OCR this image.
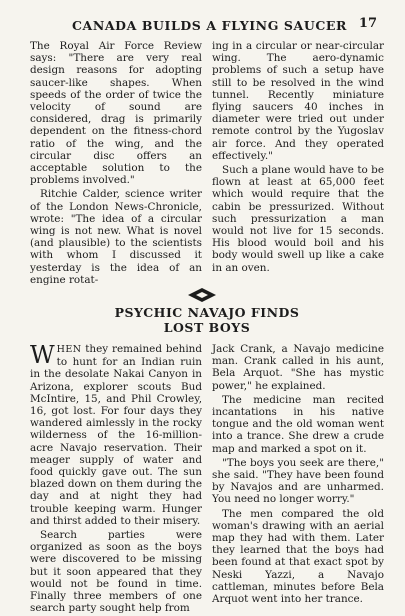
CANADA BUILDS A FLYING SAUCER 17

The Royal Air Force Review says: "There are very real design reasons for adopting saucer-like shapes. When speeds of the order of twice the velocity of sound are considered, drag is primarily dependent on the fitness-chord ratio of the wing, and the circular disc offers an acceptable solution to the problems involved."

Ritchie Calder, science writer of the London News-Chronicle, wrote: "The idea of a circular wing is not new. What is novel (and plausible) to the scientists with whom I discussed it yesterday is the idea of an engine rotat-

ing in a circular or near-circular wing. The aero-dynamic problems of such a setup have still to be resolved in the wind tunnel. Recently miniature flying saucers 40 inches in diameter were tried out under remote control by the Yugoslav air force. And they operated effectively."

Such a plane would have to be flown at least at 65,000 feet which would require that the cabin be pressurized. Without such pressurization a man would not live for 15 seconds. His blood would boil and his body would swell up like a cake in an oven.

PSYCHIC NAVAJO FINDS
LOST BOYS

WHEN they remained behind to hunt for an Indian ruin in the desolate Nakai Canyon in Arizona, explorer scouts Bud McIntire, 15, and Phil Crowley, 16, got lost. For four days they wandered aimlessly in the rocky wilderness of the 16-million-acre Navajo reservation. Their meager supply of water and food quickly gave out. The sun blazed down on them during the day and at night they had trouble keeping warm. Hunger and thirst added to their misery.

Search parties were organized as soon as the boys were discovered to be missing but it soon appeared that they would not be found in time. Finally three members of one search party sought help from

Jack Crank, a Navajo medicine man. Crank called in his aunt, Bela Arquot. "She has mystic power," he explained.

The medicine man recited incantations in his native tongue and the old woman went into a trance. She drew a crude map and marked a spot on it.

"The boys you seek are there," she said. "They have been found by Navajos and are unharmed. You need no longer worry."

The men compared the old woman's drawing with an aerial map they had with them. Later they learned that the boys had been found at that exact spot by Neski Yazzi, a Navajo cattleman, minutes before Bela Arquot went into her trance.
